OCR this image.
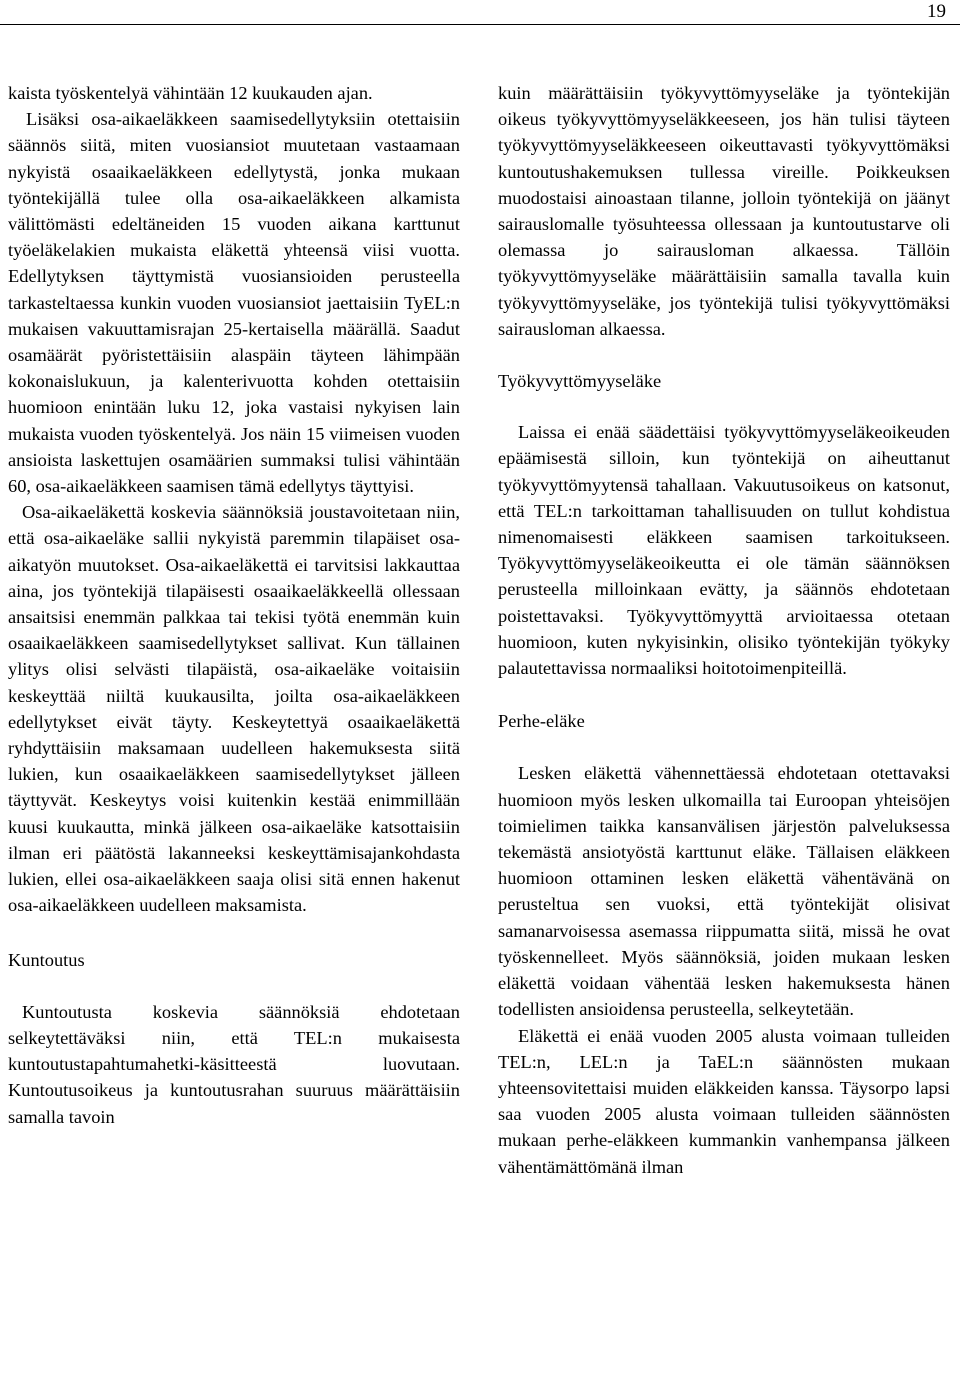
19

kaista työskentelyä vähintään 12 kuukauden ajan.

Lisäksi osa-aikaeläkkeen saamisedellytyksiin otettaisiin säännös siitä, miten vuosiansiot muutetaan vastaamaan nykyistä osaaikaeläkkeen edellytystä, jonka mukaan työntekijällä tulee olla osa-aikaeläkkeen alkamista välittömästi edeltäneiden 15 vuoden aikana karttunut työeläkelakien mukaista eläkettä yhteensä viisi vuotta. Edellytyksen täyttymistä vuosiansioiden perusteella tarkasteltaessa kunkin vuoden vuosiansiot jaettaisiin TyEL:n mukaisen vakuuttamisrajan 25-kertaisella määrällä. Saadut osamäärät pyöristettäisiin alaspäin täyteen lähimpään kokonaislukuun, ja kalenterivuotta kohden otettaisiin huomioon enintään luku 12, joka vastaisi nykyisen lain mukaista vuoden työskentelyä. Jos näin 15 viimeisen vuoden ansioista laskettujen osamäärien summaksi tulisi vähintään 60, osa-aikaeläkkeen saamisen tämä edellytys täyttyisi.

Osa-aikaeläkettä koskevia säännöksiä joustavoitetaan niin, että osa-aikaeläke sallii nykyistä paremmin tilapäiset osa-aikatyön muutokset. Osa-aikaeläkettä ei tarvitsisi lakkauttaa aina, jos työntekijä tilapäisesti osaaikaeläkkeellä ollessaan ansaitsisi enemmän palkkaa tai tekisi työtä enemmän kuin osaaikaeläkkeen saamisedellytykset sallivat. Kun tällainen ylitys olisi selvästi tilapäistä, osa-aikaeläke voitaisiin keskeyttää niiltä kuukausilta, joilta osa-aikaeläkkeen edellytykset eivät täyty. Keskeytettyä osaaikaeläkettä ryhdyttäisiin maksamaan uudelleen hakemuksesta siitä lukien, kun osaaikaeläkkeen saamisedellytykset jälleen täyttyvät. Keskeytys voisi kuitenkin kestää enimmillään kuusi kuukautta, minkä jälkeen osa-aikaeläke katsottaisiin ilman eri päätöstä lakanneeksi keskeyttämisajankohdasta lukien, ellei osa-aikaeläkkeen saaja olisi sitä ennen hakenut osa-aikaeläkkeen uudelleen maksamista.

Kuntoutus

Kuntoutusta koskevia säännöksiä ehdotetaan selkeytettäväksi niin, että TEL:n mukaisesta kuntoutustapahtumahetki-käsitteestä luovutaan. Kuntoutusoikeus ja kuntoutusrahan suuruus määrättäisiin samalla tavoin

kuin määrättäisiin työkyvyttömyyseläke ja työntekijän oikeus työkyvyttömyyseläkkeeseen, jos hän tulisi täyteen työkyvyttömyyseläkkeeseen oikeuttavasti työkyvyttömäksi kuntoutushakemuksen tullessa vireille. Poikkeuksen muodostaisi ainoastaan tilanne, jolloin työntekijä on jäänyt sairauslomalle työsuhteessa ollessaan ja kuntoutustarve oli olemassa jo sairausloman alkaessa. Tällöin työkyvyttömyyseläke määrättäisiin samalla tavalla kuin työkyvyttömyyseläke, jos työntekijä tulisi työkyvyttömäksi sairausloman alkaessa.

Työkyvyttömyyseläke

Laissa ei enää säädettäisi työkyvyttömyyseläkeoikeuden epäämisestä silloin, kun työntekijä on aiheuttanut työkyvyttömyytensä tahallaan. Vakuutusoikeus on katsonut, että TEL:n tarkoittaman tahallisuuden on tullut kohdistua nimenomaisesti eläkkeen saamisen tarkoitukseen. Työkyvyttömyyseläkeoikeutta ei ole tämän säännöksen perusteella milloinkaan evätty, ja säännös ehdotetaan poistettavaksi. Työkyvyttömyyttä arvioitaessa otetaan huomioon, kuten nykyisinkin, olisiko työntekijän työkyky palautettavissa normaaliksi hoitotoimenpiteillä.

Perhe-eläke

Lesken eläkettä vähennettäessä ehdotetaan otettavaksi huomioon myös lesken ulkomailla tai Euroopan yhteisöjen toimielimen taikka kansanvälisen järjestön palveluksessa tekemästä ansiotyöstä karttunut eläke. Tällaisen eläkkeen huomioon ottaminen lesken eläkettä vähentävänä on perusteltua sen vuoksi, että työntekijät olisivat samanarvoisessa asemassa riippumatta siitä, missä he ovat työskennelleet. Myös säännöksiä, joiden mukaan lesken eläkettä voidaan vähentää lesken hakemuksesta hänen todellisten ansioidensa perusteella, selkeytetään.

Eläkettä ei enää vuoden 2005 alusta voimaan tulleiden TEL:n, LEL:n ja TaEL:n säännösten mukaan yhteensovitettaisi muiden eläkkeiden kanssa. Täysorpo lapsi saa vuoden 2005 alusta voimaan tulleiden säännösten mukaan perhe-eläkkeen kummankin vanhempansa jälkeen vähentämättömänä ilman
